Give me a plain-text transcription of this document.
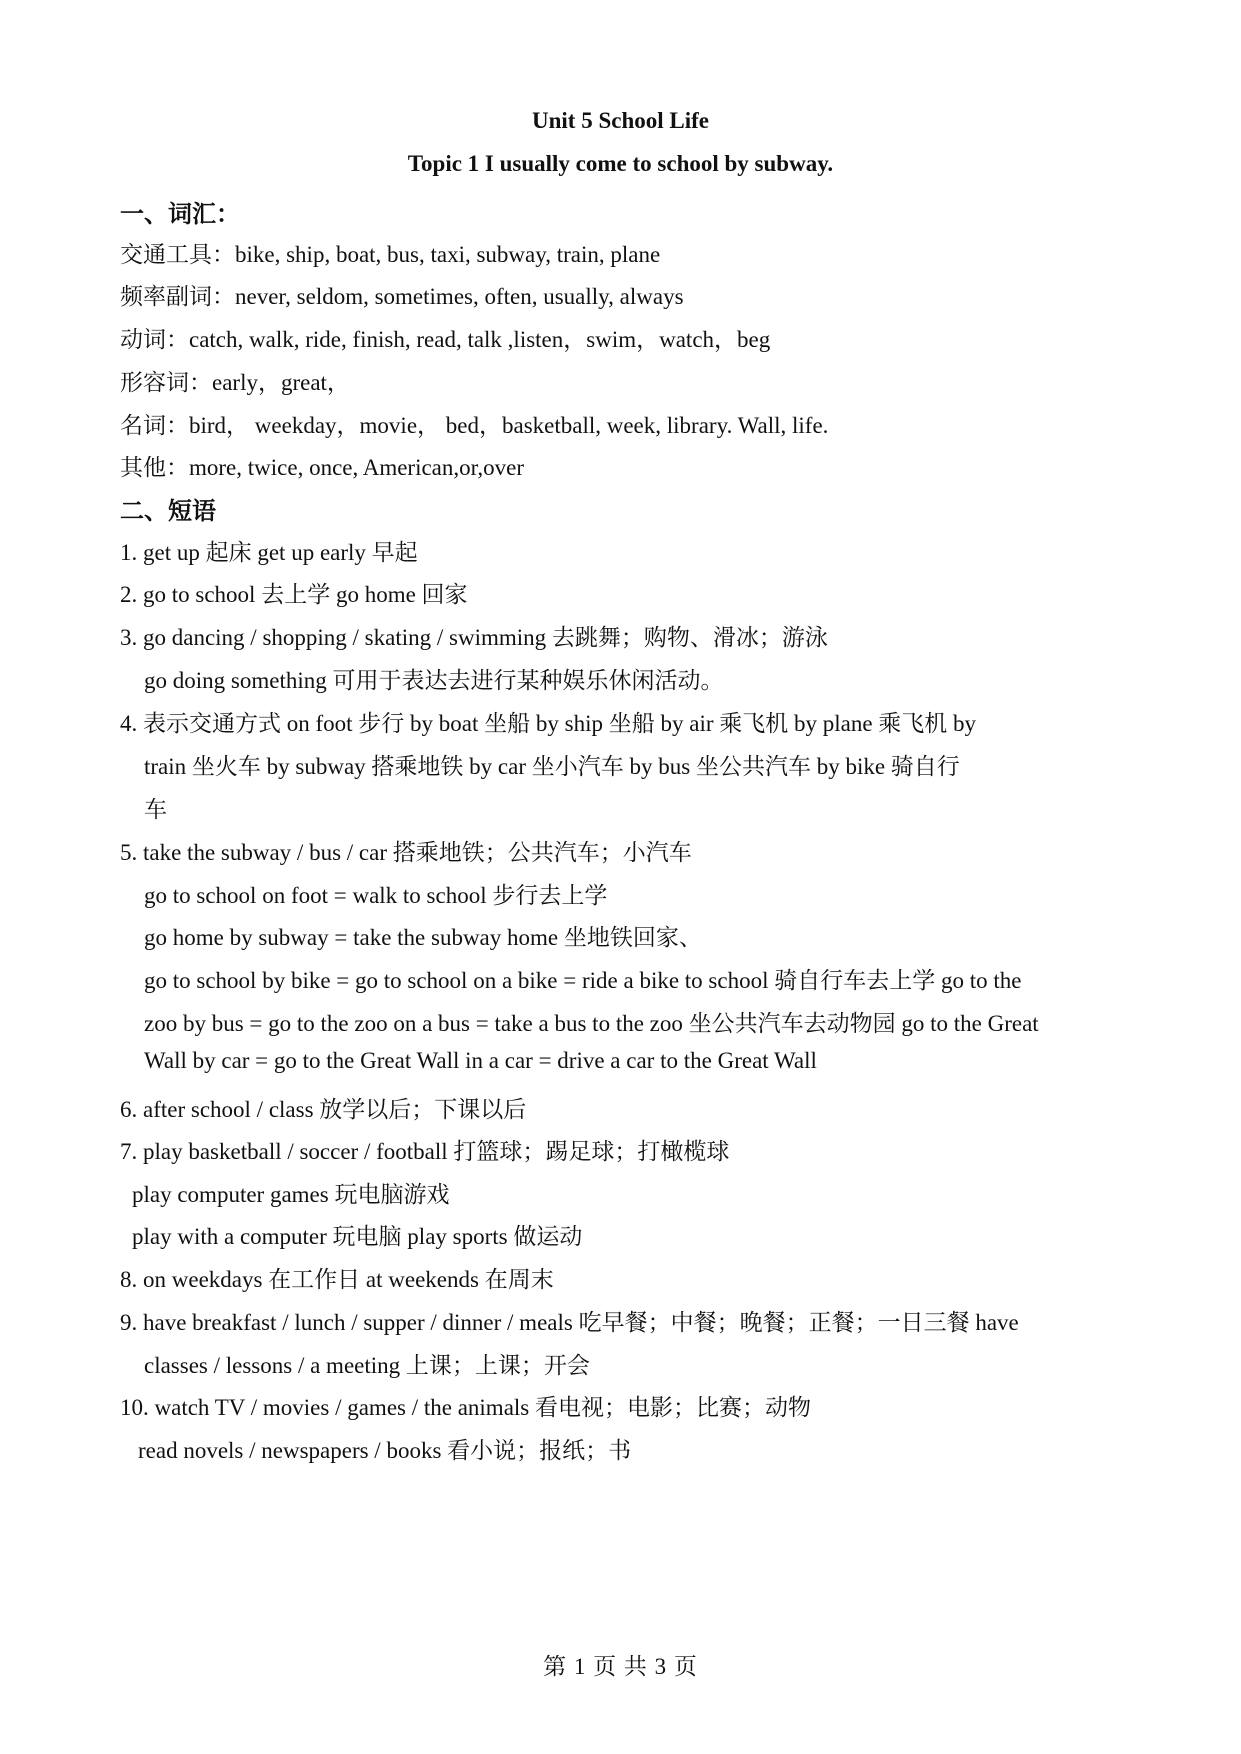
Unit 5 School Life
Topic 1 I usually come to school by subway.
一、词汇：
交通工具：bike, ship, boat, bus, taxi, subway, train, plane
频率副词：never, seldom, sometimes, often, usually, always
动词：catch, walk, ride, finish, read, talk ,listen，swim，watch，beg
形容词：early，great，
名词：bird， weekday，movie， bed，basketball, week, library. Wall, life.
其他：more, twice, once, American,or,over
二、短语
1. get up 起床 get up early 早起
2. go to school 去上学 go home 回家
3. go dancing / shopping / skating / swimming 去跳舞；购物、滑冰；游泳
go doing something 可用于表达去进行某种娱乐休闲活动。
4. 表示交通方式 on foot 步行 by boat 坐船 by ship 坐船 by air 乘飞机 by plane 乘飞机 by
train 坐火车 by subway 搭乘地铁 by car 坐小汽车 by bus 坐公共汽车 by bike 骑自行
车
5. take the subway / bus / car 搭乘地铁；公共汽车；小汽车
go to school on foot = walk to school 步行去上学
go home by subway = take the subway home 坐地铁回家、
go to school by bike = go to school on a bike = ride a bike to school 骑自行车去上学 go to the
zoo by bus = go to the zoo on a bus = take a bus to the zoo 坐公共汽车去动物园 go to the Great
Wall by car = go to the Great Wall in a car = drive a car to the Great Wall
6. after school / class 放学以后；下课以后
7. play basketball / soccer / football 打篮球；踢足球；打橄榄球
play computer games 玩电脑游戏
play with a computer 玩电脑 play sports 做运动
8. on weekdays 在工作日 at weekends 在周末
9. have breakfast / lunch / supper / dinner / meals 吃早餐；中餐；晚餐；正餐；一日三餐 have
classes / lessons / a meeting 上课；上课；开会
10. watch TV / movies / games / the animals 看电视；电影；比赛；动物
read novels / newspapers / books 看小说；报纸；书
第 1 页 共 3 页
